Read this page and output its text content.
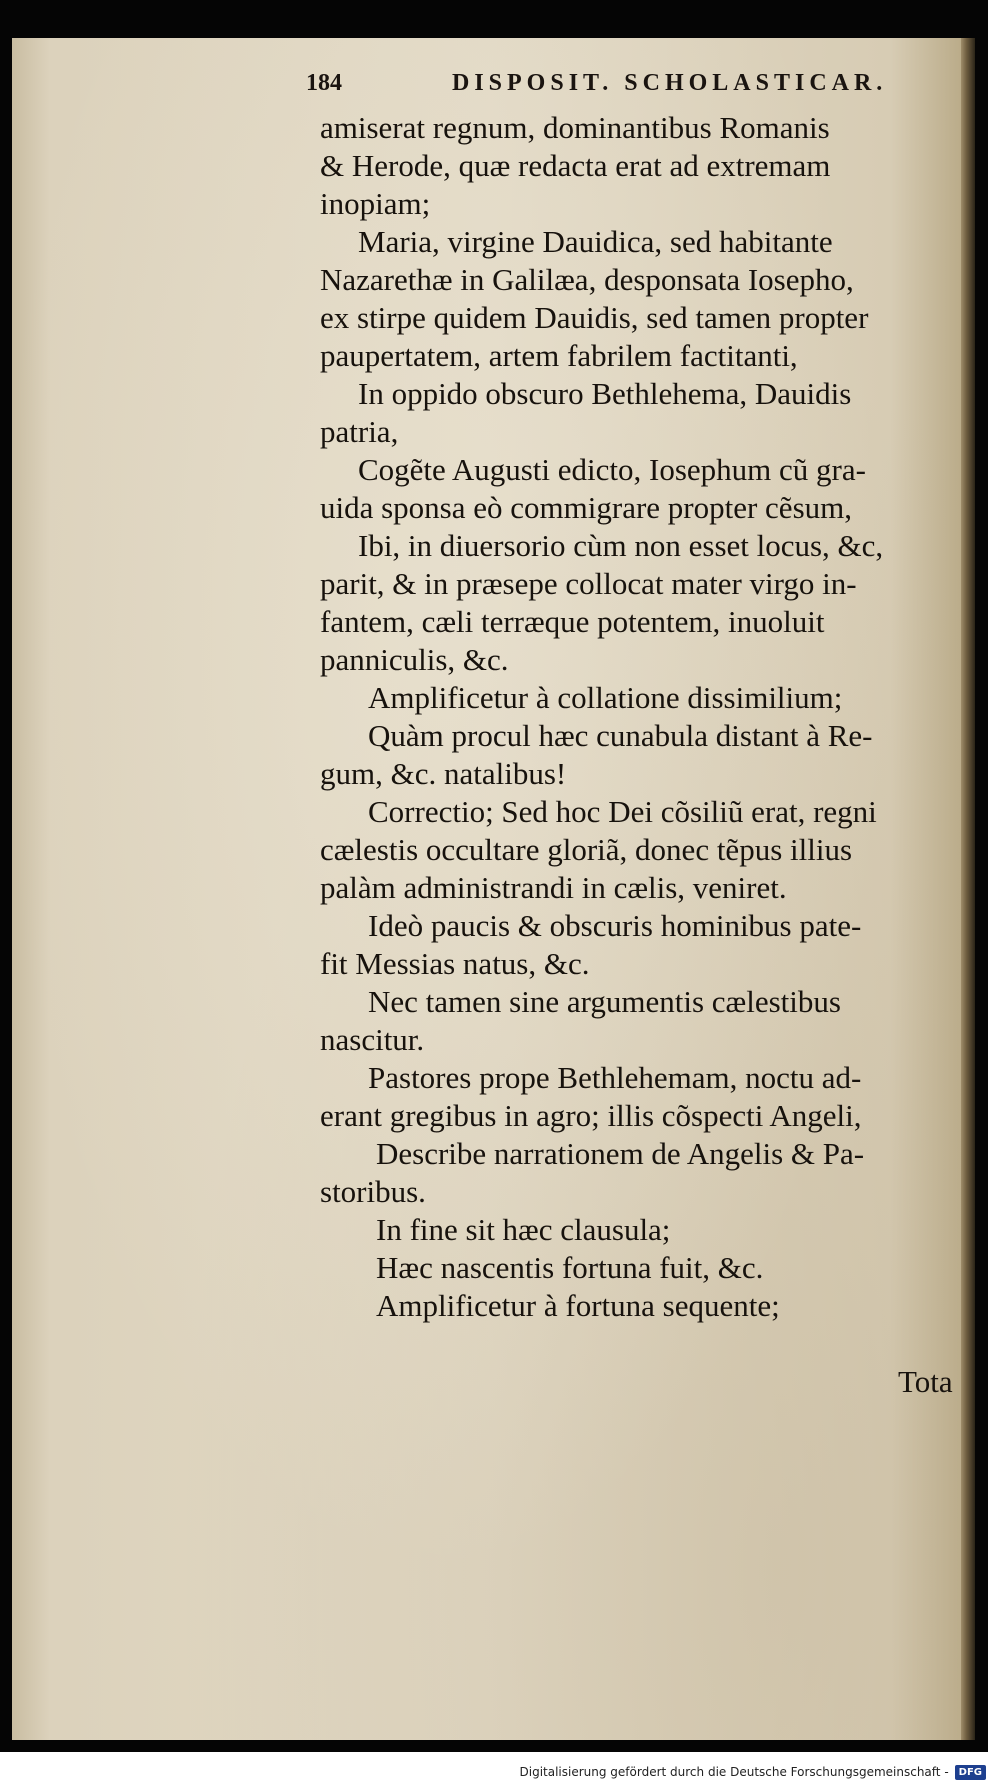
184	DISPOSIT. SCHOLASTICAR.
amiserat regnum, dominantibus Romanis
& Herode, quæ redacta erat ad extremam
inopiam;
Maria, virgine Dauidica, sed habitante
Nazarethæ in Galilæa, desponsata Iosepho,
ex stirpe quidem Dauidis, sed tamen propter
paupertatem, artem fabrilem factitanti,
In oppido obscuro Bethlehema, Dauidis
patria,
Cogẽte Augusti edicto, Iosephum cũ gra-
uida sponsa eò commigrare propter cẽsum,
Ibi, in diuersorio cùm non esset locus, &c,
parit, & in præsepe collocat mater virgo in-
fantem, cæli terræque potentem, inuoluit
panniculis, &c.
Amplificetur à collatione dissimilium;
Quàm procul hæc cunabula distant à Re-
gum, &c. natalibus!
Correctio; Sed hoc Dei cõsiliũ erat, regni
cælestis occultare gloriã, donec tẽpus illius
palàm administrandi in cælis, veniret.
Ideò paucis & obscuris hominibus pate-
fit Messias natus, &c.
Nec tamen sine argumentis cælestibus
nascitur.
Pastores prope Bethlehemam, noctu ad-
erant gregibus in agro; illis cõspecti Angeli,
Describe narrationem de Angelis & Pa-
storibus.
In fine sit hæc clausula;
Hæc nascentis fortuna fuit, &c.
Amplificetur à fortuna sequente;
Tota
Digitalisierung gefördert durch die Deutsche Forschungsgemeinschaft -	DFG
